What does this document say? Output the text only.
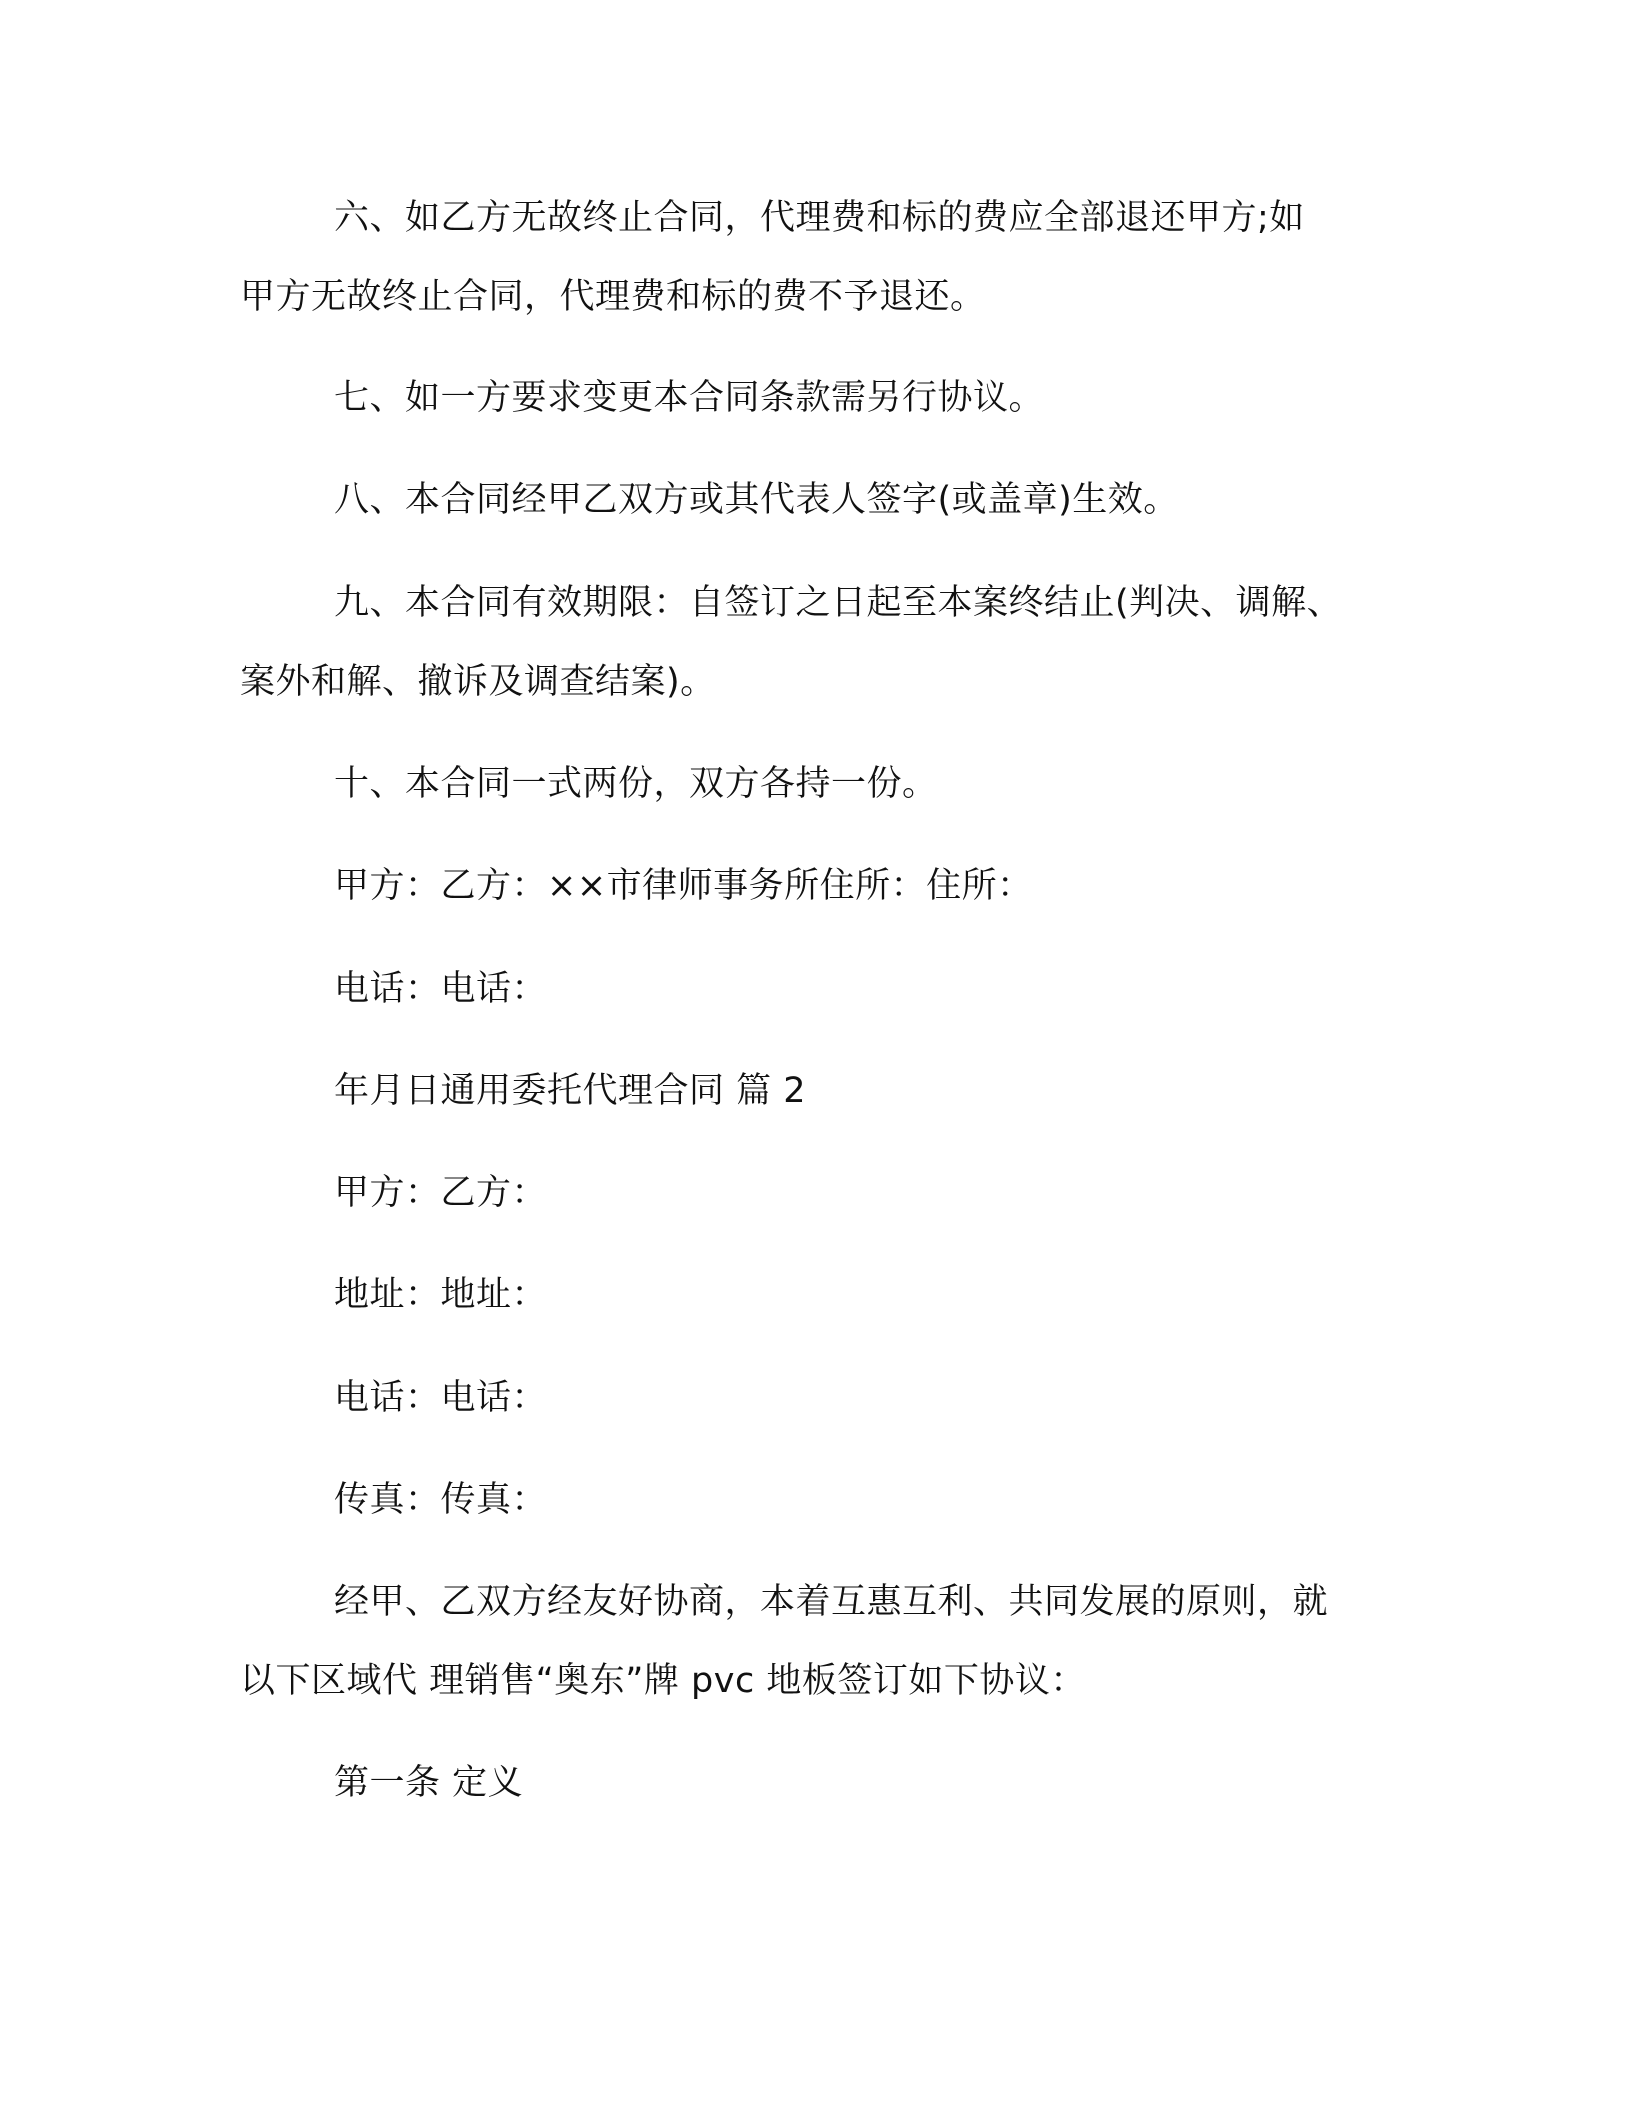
六、如乙方无故终止合同，代理费和标的费应全部退还甲方;如
甲方无故终止合同，代理费和标的费不予退还。
七、如一方要求变更本合同条款需另行协议。
八、本合同经甲乙双方或其代表人签字(或盖章)生效。
九、本合同有效期限：自签订之日起至本案终结止(判决、调解、
案外和解、撤诉及调查结案)。
十、本合同一式两份，双方各持一份。
甲方：乙方：××市律师事务所住所：住所：
电话：电话：
年月日通用委托代理合同 篇 2
甲方：乙方：
地址：地址：
电话：电话：
传真：传真：
经甲、乙双方经友好协商，本着互惠互利、共同发展的原则，就
以下区域代 理销售“奥东”牌 pvc 地板签订如下协议：
第一条 定义
